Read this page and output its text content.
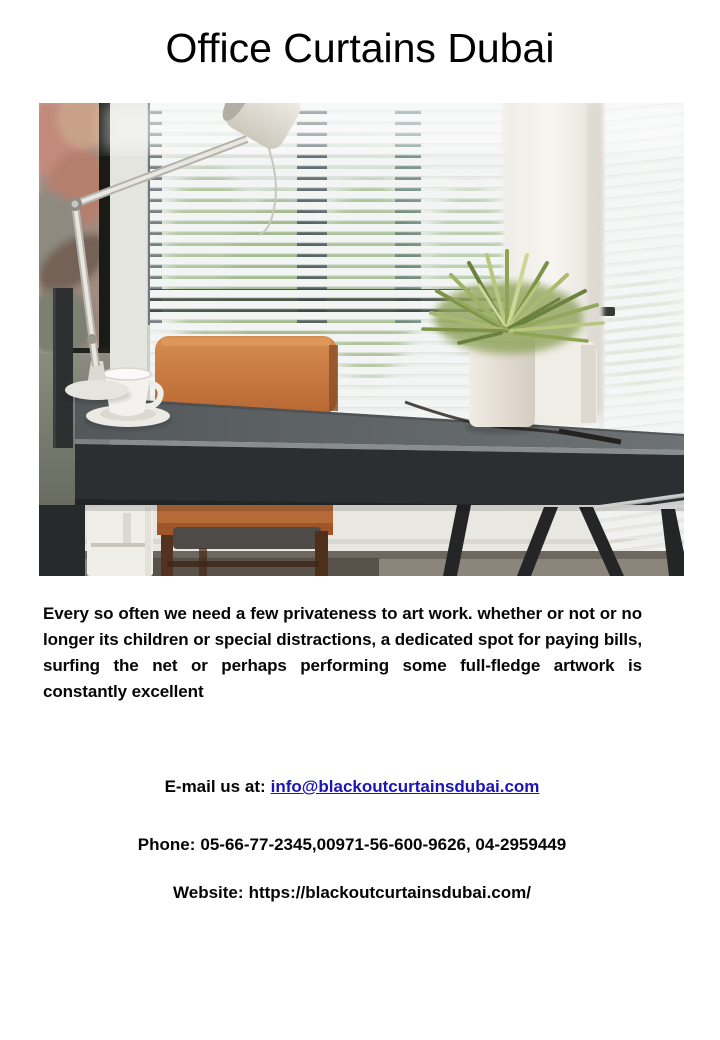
Office Curtains Dubai

Every so often we need a few privateness to art work. whether or not or no longer its children or special distractions, a dedicated spot for paying bills, surfing the net or perhaps performing some full-fledge artwork is constantly excellent

E-mail us at: info@blackoutcurtainsdubai.com
Phone: 05-66-77-2345,00971-56-600-9626, 04-2959449
Website: https://blackoutcurtainsdubai.com/
